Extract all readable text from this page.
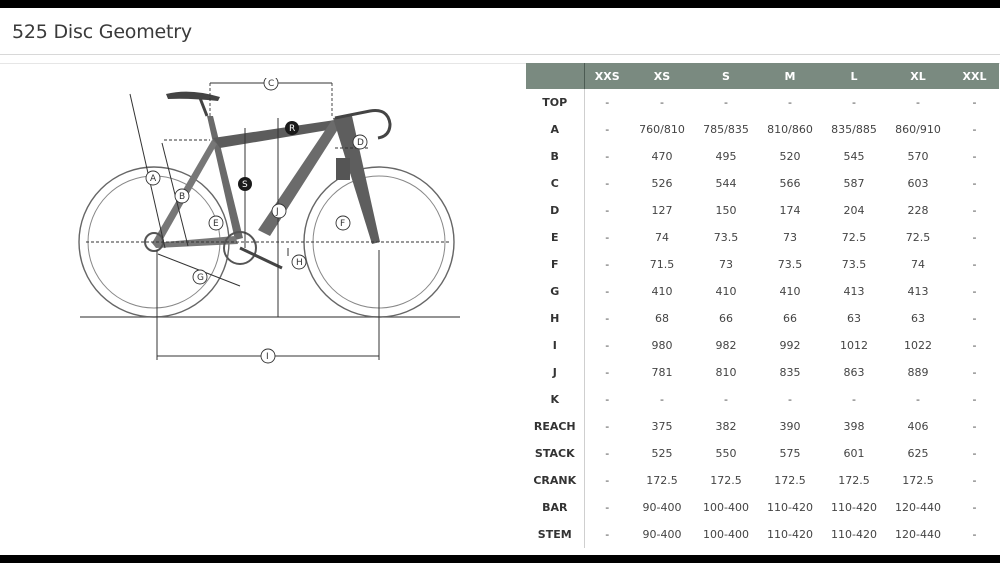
525 Disc Geometry
A
B
C
D
E	F
G
H
I
J
R
S
	XXS	XS	S	M	L	XL	XXL
TOP	-	-	-	-	-	-	-
A	-	760/810	785/835	810/860	835/885	860/910	-
B	-	470	495	520	545	570	-
C	-	526	544	566	587	603	-
D	-	127	150	174	204	228	-
E	-	74	73.5	73	72.5	72.5	-
F	-	71.5	73	73.5	73.5	74	-
G	-	410	410	410	413	413	-
H	-	68	66	66	63	63	-
I	-	980	982	992	1012	1022	-
J	-	781	810	835	863	889	-
K	-	-	-	-	-	-	-
REACH	-	375	382	390	398	406	-
STACK	-	525	550	575	601	625	-
CRANK	-	172.5	172.5	172.5	172.5	172.5	-
BAR	-	90-400	100-400	110-420	110-420	120-440	-
STEM	-	90-400	100-400	110-420	110-420	120-440	-
